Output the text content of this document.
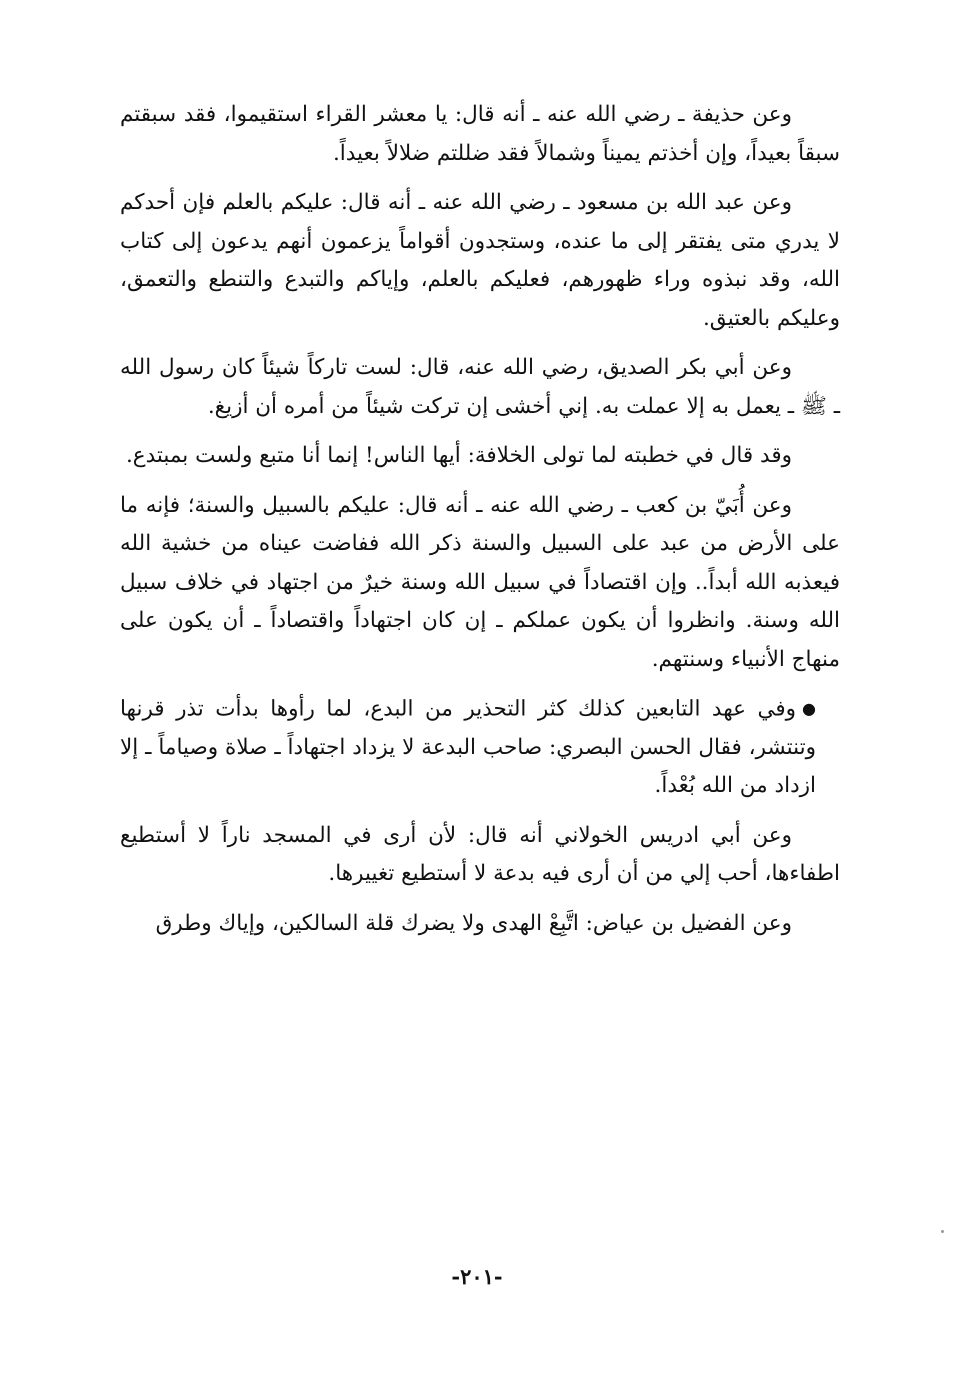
وعن حذيفة ـ رضي الله عنه ـ أنه قال: يا معشر القراء استقيموا، فقد سبقتم سبقاً بعيداً، وإن أخذتم يميناً وشمالاً فقد ضللتم ضلالاً بعيداً.

وعن عبد الله بن مسعود ـ رضي الله عنه ـ أنه قال: عليكم بالعلم فإن أحدكم لا يدري متى يفتقر إلى ما عنده، وستجدون أقواماً يزعمون أنهم يدعون إلى كتاب الله، وقد نبذوه وراء ظهورهم، فعليكم بالعلم، وإياكم والتبدع والتنطع والتعمق، وعليكم بالعتيق.

وعن أبي بكر الصديق، رضي الله عنه، قال: لست تاركاً شيئاً كان رسول الله ـ ﷺ ـ يعمل به إلا عملت به. إني أخشى إن تركت شيئاً من أمره أن أزيغ.

وقد قال في خطبته لما تولى الخلافة: أيها الناس! إنما أنا متبع ولست بمبتدع.

وعن أُبَيّ بن كعب ـ رضي الله عنه ـ أنه قال: عليكم بالسبيل والسنة؛ فإنه ما على الأرض من عبد على السبيل والسنة ذكر الله ففاضت عيناه من خشية الله فيعذبه الله أبداً.. وإن اقتصاداً في سبيل الله وسنة خيرٌ من اجتهاد في خلاف سبيل الله وسنة. وانظروا أن يكون عملكم ـ إن كان اجتهاداً واقتصاداً ـ أن يكون على منهاج الأنبياء وسنتهم.

●وفي عهد التابعين كذلك كثر التحذير من البدع، لما رأوها بدأت تذر قرنها وتنتشر، فقال الحسن البصري: صاحب البدعة لا يزداد اجتهاداً ـ صلاة وصياماً ـ إلا ازداد من الله بُعْداً.

وعن أبي ادريس الخولاني أنه قال: لأن أرى في المسجد ناراً لا أستطيع اطفاءها، أحب إلي من أن أرى فيه بدعة لا أستطيع تغييرها.

وعن الفضيل بن عياض: اتَّبِعْ الهدى ولا يضرك قلة السالكين، وإياك وطرق

-٢٠١-
